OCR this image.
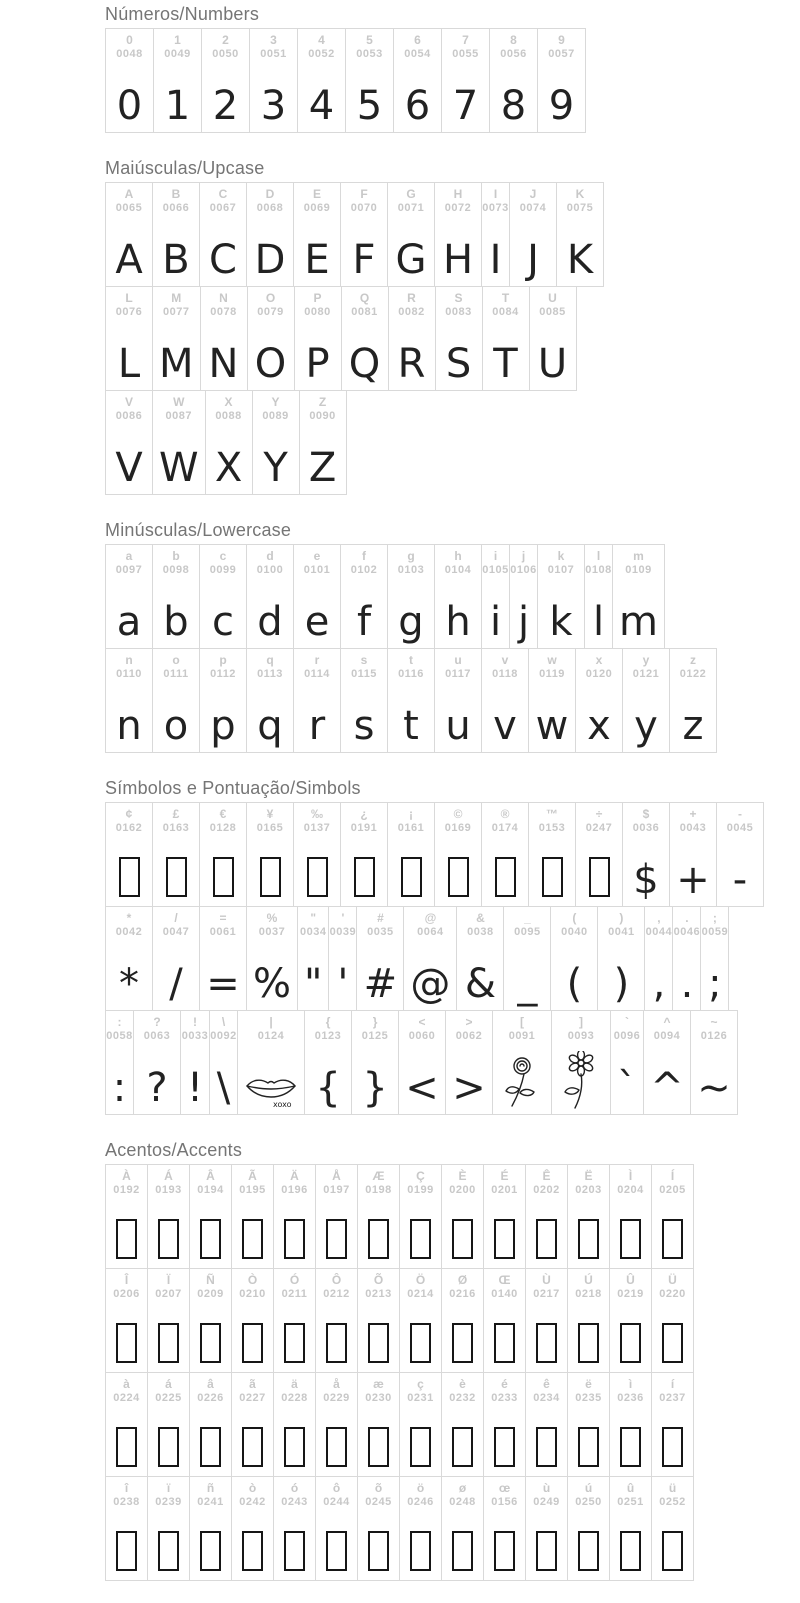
Números/Numbers
0
0048
0
1
0049
1
2
0050
2
3
0051
3
4
0052
4
5
0053
5
6
0054
6
7
0055
7
8
0056
8
9
0057
9
Maiúsculas/Upcase
A
0065
A
B
0066
B
C
0067
C
D
0068
D
E
0069
E
F
0070
F
G
0071
G
H
0072
H
I
0073
I
J
0074
J
K
0075
K
L
0076
L
M
0077
M
N
0078
N
O
0079
O
P
0080
P
Q
0081
Q
R
0082
R
S
0083
S
T
0084
T
U
0085
U
V
0086
V
W
0087
W
X
0088
X
Y
0089
Y
Z
0090
Z
Minúsculas/Lowercase
a
0097
a
b
0098
b
c
0099
c
d
0100
d
e
0101
e
f
0102
f
g
0103
g
h
0104
h
i
0105
i
j
0106
j
k
0107
k
l
0108
l
m
0109
m
n
0110
n
o
0111
o
p
0112
p
q
0113
q
r
0114
r
s
0115
s
t
0116
t
u
0117
u
v
0118
v
w
0119
w
x
0120
x
y
0121
y
z
0122
z
Símbolos e Pontuação/Simbols
¢
0162
£
0163
€
0128
¥
0165
‰
0137
¿
0191
¡
0161
©
0169
®
0174
™
0153
÷
0247
$
0036
$
+
0043
+
-
0045
-
*
0042
*
/
0047
/
=
0061
=
%
0037
%
"
0034
"
'
0039
'
#
0035
#
@
0064
@
&
0038
&
_
0095
_
(
0040
(
)
0041
)
,
0044
,
.
0046
.
;
0059
;
:
0058
:
?
0063
?
!
0033
!
\
0092
\
|
0124
xoxo
{
0123
{
}
0125
}
<
0060
<
>
0062
>
[
0091
]
0093
`
0096
`
^
0094
^
~
0126
~
Acentos/Accents
À
0192
Á
0193
Â
0194
Ã
0195
Ä
0196
Å
0197
Æ
0198
Ç
0199
È
0200
É
0201
Ê
0202
Ë
0203
Ì
0204
Í
0205
Î
0206
Ï
0207
Ñ
0209
Ò
0210
Ó
0211
Ô
0212
Õ
0213
Ö
0214
Ø
0216
Œ
0140
Ù
0217
Ú
0218
Û
0219
Ü
0220
à
0224
á
0225
â
0226
ã
0227
ä
0228
å
0229
æ
0230
ç
0231
è
0232
é
0233
ê
0234
ë
0235
ì
0236
í
0237
î
0238
ï
0239
ñ
0241
ò
0242
ó
0243
ô
0244
õ
0245
ö
0246
ø
0248
œ
0156
ù
0249
ú
0250
û
0251
ü
0252
